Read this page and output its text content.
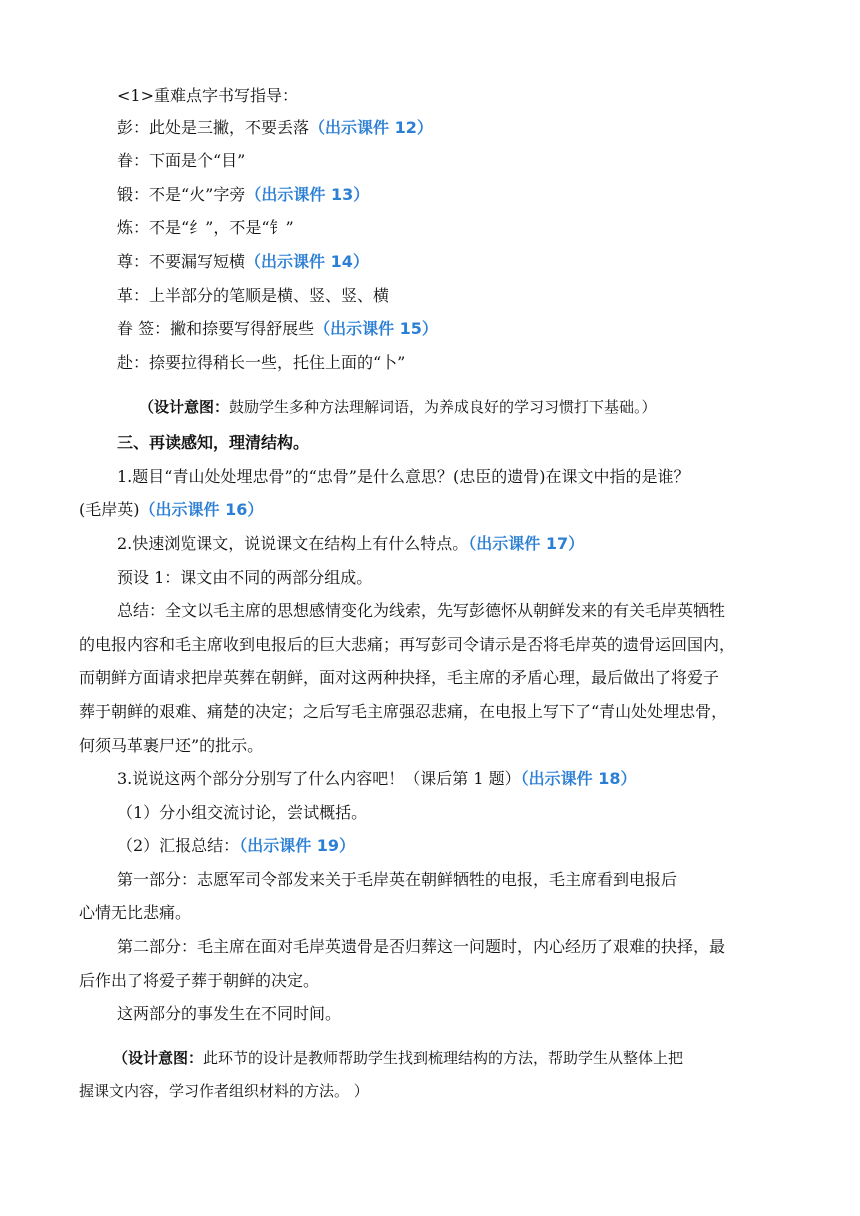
<1>重难点字书写指导：
彭：此处是三撇，不要丢落（出示课件 12）
眷：下面是个“目”
锻：不是“火”字旁（出示课件 13）
炼：不是“纟”，不是“钅”
尊：不要漏写短横（出示课件 14）
革：上半部分的笔顺是横、竖、竖、横
眷 签：撇和捺要写得舒展些（出示课件 15）
赴：捺要拉得稍长一些，托住上面的“卜”
（设计意图：鼓励学生多种方法理解词语，为养成良好的学习习惯打下基础。）
三、再读感知，理清结构。
1.题目“青山处处埋忠骨”的“忠骨”是什么意思？(忠臣的遗骨)在课文中指的是谁？
(毛岸英)（出示课件 16）
2.快速浏览课文，说说课文在结构上有什么特点。（出示课件 17）
预设 1：课文由不同的两部分组成。
总结：全文以毛主席的思想感情变化为线索，先写彭德怀从朝鲜发来的有关毛岸英牺牲
的电报内容和毛主席收到电报后的巨大悲痛；再写彭司令请示是否将毛岸英的遗骨运回国内，
而朝鲜方面请求把岸英葬在朝鲜，面对这两种抉择，毛主席的矛盾心理，最后做出了将爱子
葬于朝鲜的艰难、痛楚的决定；之后写毛主席强忍悲痛，在电报上写下了“青山处处埋忠骨，
何须马革裹尸还”的批示。
3.说说这两个部分分别写了什么内容吧！（课后第 1 题）（出示课件 18）
（1）分小组交流讨论，尝试概括。
（2）汇报总结：（出示课件 19）
第一部分：志愿军司令部发来关于毛岸英在朝鲜牺牲的电报，毛主席看到电报后
心情无比悲痛。
第二部分：毛主席在面对毛岸英遗骨是否归葬这一问题时，内心经历了艰难的抉择，最
后作出了将爱子葬于朝鲜的决定。
这两部分的事发生在不同时间。
（设计意图：此环节的设计是教师帮助学生找到梳理结构的方法，帮助学生从整体上把
握课文内容，学习作者组织材料的方法。 ）
